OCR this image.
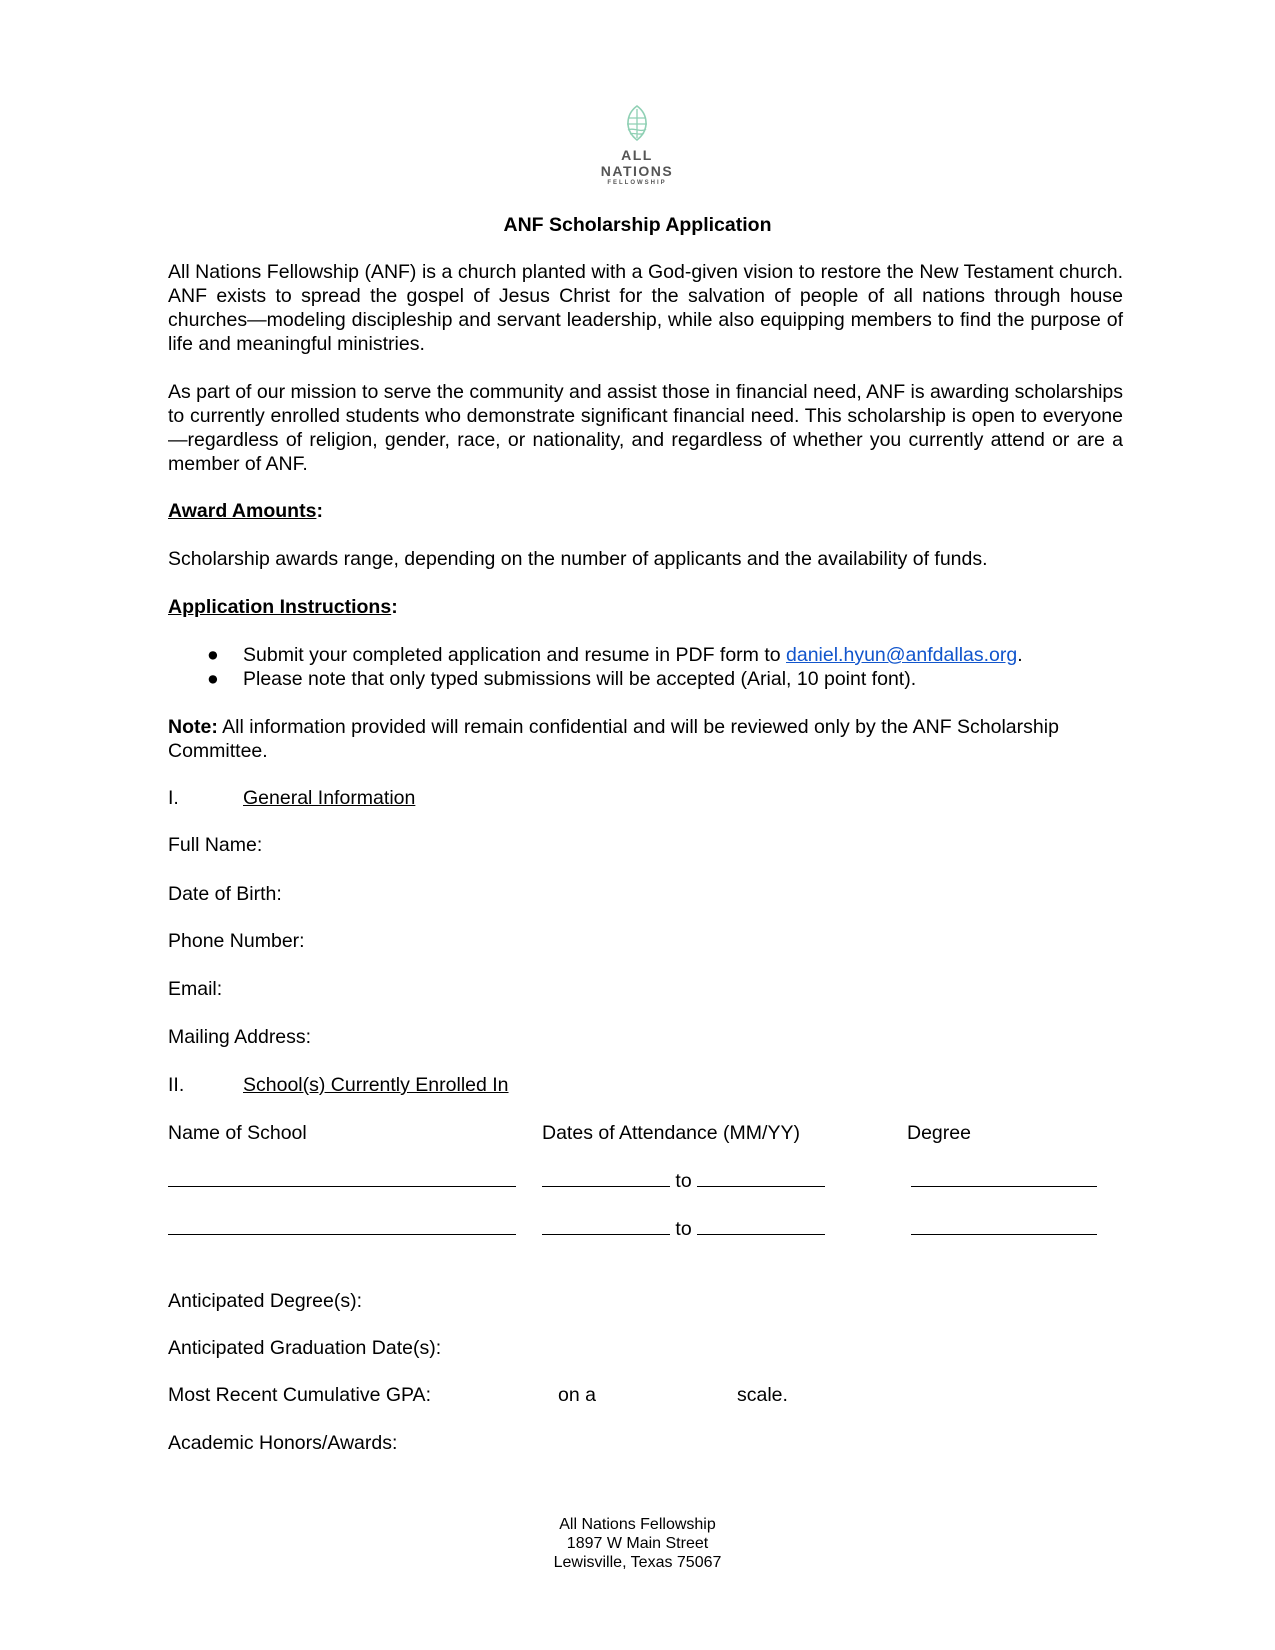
ALL NATIONS
FELLOWSHIP
ANF Scholarship Application
All Nations Fellowship (ANF) is a church planted with a God-given vision to restore the New Testament church. ANF exists to spread the gospel of Jesus Christ for the salvation of people of all nations through house churches—modeling discipleship and servant leadership, while also equipping members to find the purpose of life and meaningful ministries.
As part of our mission to serve the community and assist those in financial need, ANF is awarding scholarships to currently enrolled students who demonstrate significant financial need. This scholarship is open to everyone—regardless of religion, gender, race, or nationality, and regardless of whether you currently attend or are a member of ANF.
Award Amounts:
Scholarship awards range, depending on the number of applicants and the availability of funds.
Application Instructions:
● Submit your completed application and resume in PDF form to daniel.hyun@anfdallas.org.
● Please note that only typed submissions will be accepted (Arial, 10 point font).
Note: All information provided will remain confidential and will be reviewed only by the ANF Scholarship Committee.
I.	General Information
Full Name:
Date of Birth:
Phone Number:
Email:
Mailing Address:
II.	School(s) Currently Enrolled In
Name of School	Dates of Attendance (MM/YY)	Degree
to
to
Anticipated Degree(s):
Anticipated Graduation Date(s):
Most Recent Cumulative GPA:	on a	scale.
Academic Honors/Awards:
All Nations Fellowship
1897 W Main Street
Lewisville, Texas 75067
